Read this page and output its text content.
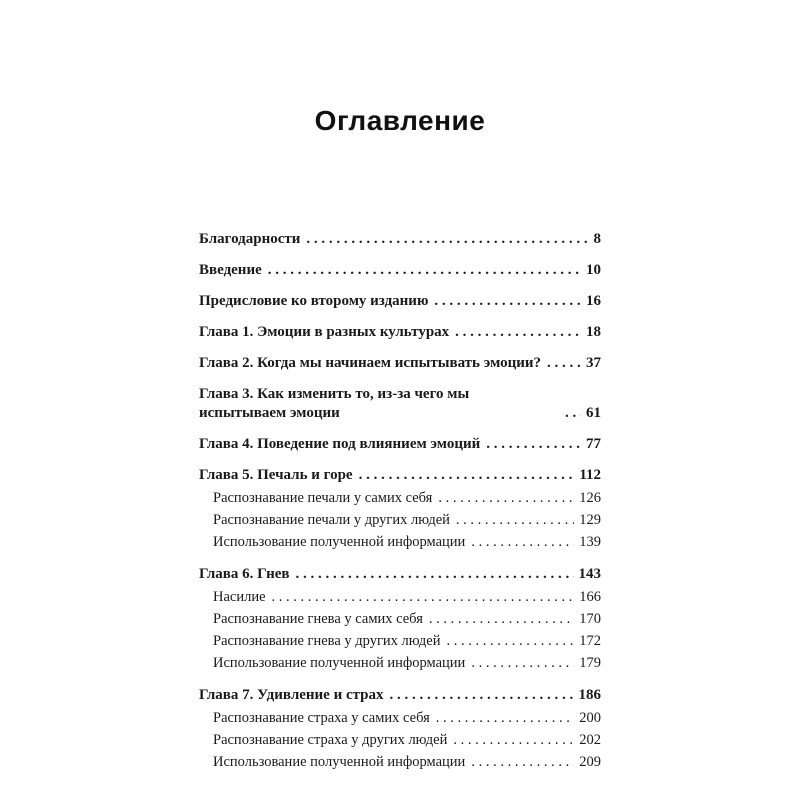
Оглавление
Благодарности . . .	8
Введение . . .	10
Предисловие ко второму изданию . . .	16
Глава 1. Эмоции в разных культурах . . .	18
Глава 2. Когда мы начинаем испытывать эмоции? . . .	37
Глава 3. Как изменить то, из-за чего мы испытываем эмоции . . .	61
Глава 4. Поведение под влиянием эмоций . . .	77
Глава 5. Печаль и горе . . .	112
Распознавание печали у самих себя . . .	126
Распознавание печали у других людей . . .	129
Использование полученной информации . . .	139
Глава 6. Гнев . . .	143
Насилие . . .	166
Распознавание гнева у самих себя . . .	170
Распознавание гнева у других людей . . .	172
Использование полученной информации . . .	179
Глава 7. Удивление и страх . . .	186
Распознавание страха у самих себя . . .	200
Распознавание страха у других людей . . .	202
Использование полученной информации . . .	209
